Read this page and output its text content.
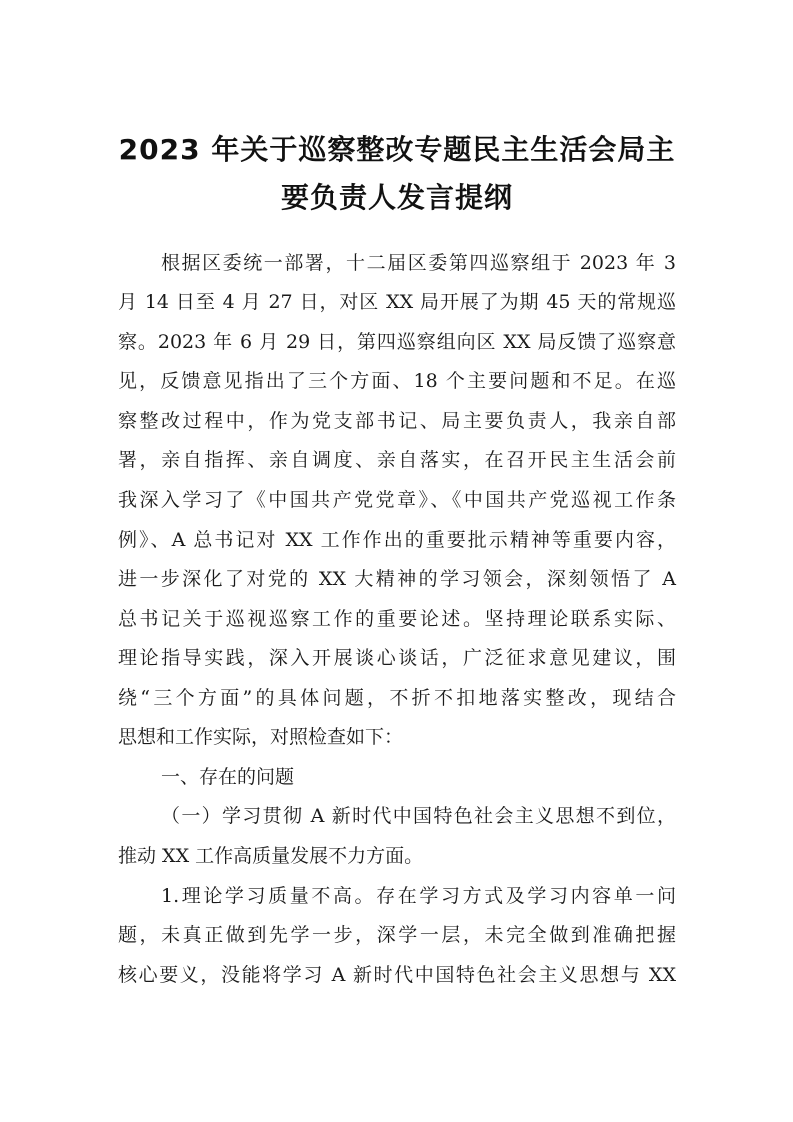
2023 年关于巡察整改专题民主生活会局主
要负责人发言提纲
根据区委统一部署，十二届区委第四巡察组于 2023 年 3
月 14 日至 4 月 27 日，对区 XX 局开展了为期 45 天的常规巡
察。2023 年 6 月 29 日，第四巡察组向区 XX 局反馈了巡察意
见，反馈意见指出了三个方面、18 个主要问题和不足。在巡
察整改过程中，作为党支部书记、局主要负责人，我亲自部
署，亲自指挥、亲自调度、亲自落实，在召开民主生活会前
我深入学习了《中国共产党党章》、《中国共产党巡视工作条
例》、A 总书记对 XX 工作作出的重要批示精神等重要内容，
进一步深化了对党的 XX 大精神的学习领会，深刻领悟了 A
总书记关于巡视巡察工作的重要论述。坚持理论联系实际、
理论指导实践，深入开展谈心谈话，广泛征求意见建议，围
绕“三个方面”的具体问题，不折不扣地落实整改，现结合
思想和工作实际，对照检查如下：
一、存在的问题
（一）学习贯彻 A 新时代中国特色社会主义思想不到位，
推动 XX 工作高质量发展不力方面。
1.理论学习质量不高。存在学习方式及学习内容单一问
题，未真正做到先学一步，深学一层，未完全做到准确把握
核心要义，没能将学习 A 新时代中国特色社会主义思想与 XX
